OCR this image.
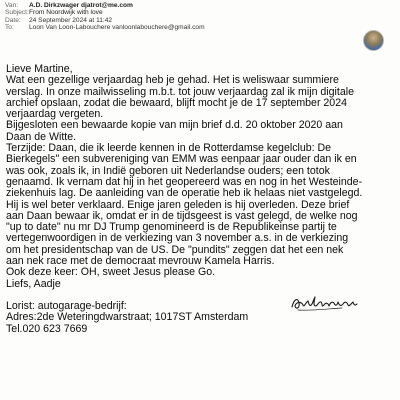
Van: A.D. Dirkzwager djatrot@me.com
Subject:From Noordwijk with love
Date: 24 September 2024 at 11:42
To: Loon Van Loon-Labouchere vanloonlabouchere@gmail.com
Lieve Martine,
Wat een gezellige verjaardag heb je gehad. Het is weliswaar summiere
verslag. In onze mailwisseling m.b.t. tot jouw verjaardag zal ik mijn digitale
archief opslaan, zodat die bewaard, blijft mocht je de 17 september 2024
verjaardag vergeten.
Bijgesloten een bewaarde kopie van mijn brief d.d. 20 oktober 2020 aan
Daan de Witte.
Terzijde: Daan, die ik leerde kennen in de Rotterdamse kegelclub: De
Bierkegels" een subvereniging van EMM was eenpaar jaar ouder dan ik en
was ook, zoals ik, in Indië geboren uit Nederlandse ouders; een totok
genaamd. Ik vernam dat hij in het geopereerd was en nog in het Westeinde-
ziekenhuis lag. De aanleiding van de operatie heb ik helaas niet vastgelegd.
Hij is wel beter verklaard. Enige jaren geleden is hij overleden. Deze brief
aan Daan bewaar ik, omdat er in de tijdsgeest is vast gelegd, de welke nog
"up to date" nu mr DJ Trump genomineerd is de Republikeinse partij te
vertegenwoordigen in de verkiezing van 3 november a.s. in de verkiezing
om het presidentschap van de US. De "pundits" zeggen dat het een nek
aan nek race met de democraat mevrouw Kamela Harris.
Ook deze keer: OH, sweet Jesus please Go.
Liefs, Aadje
Lorist: autogarage-bedrijf:
Adres:2de Weteringdwarstraat; 1017ST Amsterdam
Tel.020 623 7669
